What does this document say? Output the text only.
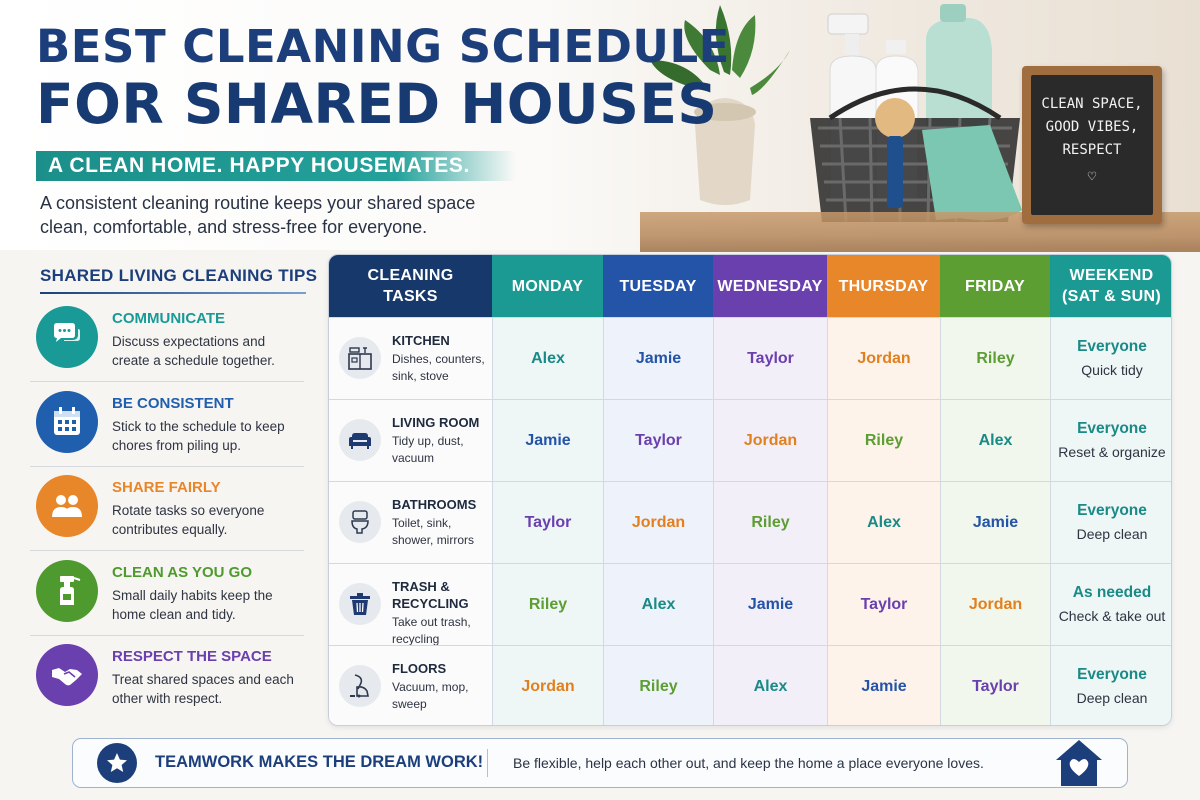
CLEAN SPACE,
GOOD VIBES,
RESPECT
♡
BEST CLEANING SCHEDULE
FOR SHARED HOUSES
A CLEAN HOME. HAPPY HOUSEMATES.

A consistent cleaning routine keeps your shared space clean, comfortable, and stress-free for everyone.

SHARED LIVING CLEANING TIPS
COMMUNICATE
Discuss expectations and create a schedule together.
BE CONSISTENT
Stick to the schedule to keep chores from piling up.
SHARE FAIRLY
Rotate tasks so everyone contributes equally.
CLEAN AS YOU GO
Small daily habits keep the home clean and tidy.
RESPECT THE SPACE
Treat shared spaces and each other with respect.
CLEANING
TASKS
MONDAY TUESDAY WEDNESDAY THURSDAY FRIDAY
WEEKEND
(SAT & SUN)
KITCHEN
Dishes, counters, sink, stove
Alex	Jamie	Taylor	Jordan	Riley
Everyone
Quick tidy
LIVING ROOM
Tidy up, dust, vacuum
Jamie	Taylor	Jordan	Riley	Alex
Everyone
Reset & organize
BATHROOMS
Toilet, sink, shower, mirrors
Taylor	Jordan	Riley	Alex	Jamie
Everyone
Deep clean
TRASH & RECYCLING
Take out trash, recycling
Riley	Alex	Jamie	Taylor	Jordan
As needed
Check & take out
FLOORS
Vacuum, mop, sweep
Jordan	Riley	Alex	Jamie	Taylor
Everyone
Deep clean
TEAMWORK MAKES THE DREAM WORK! Be flexible, help each other out, and keep the home a place everyone loves.
